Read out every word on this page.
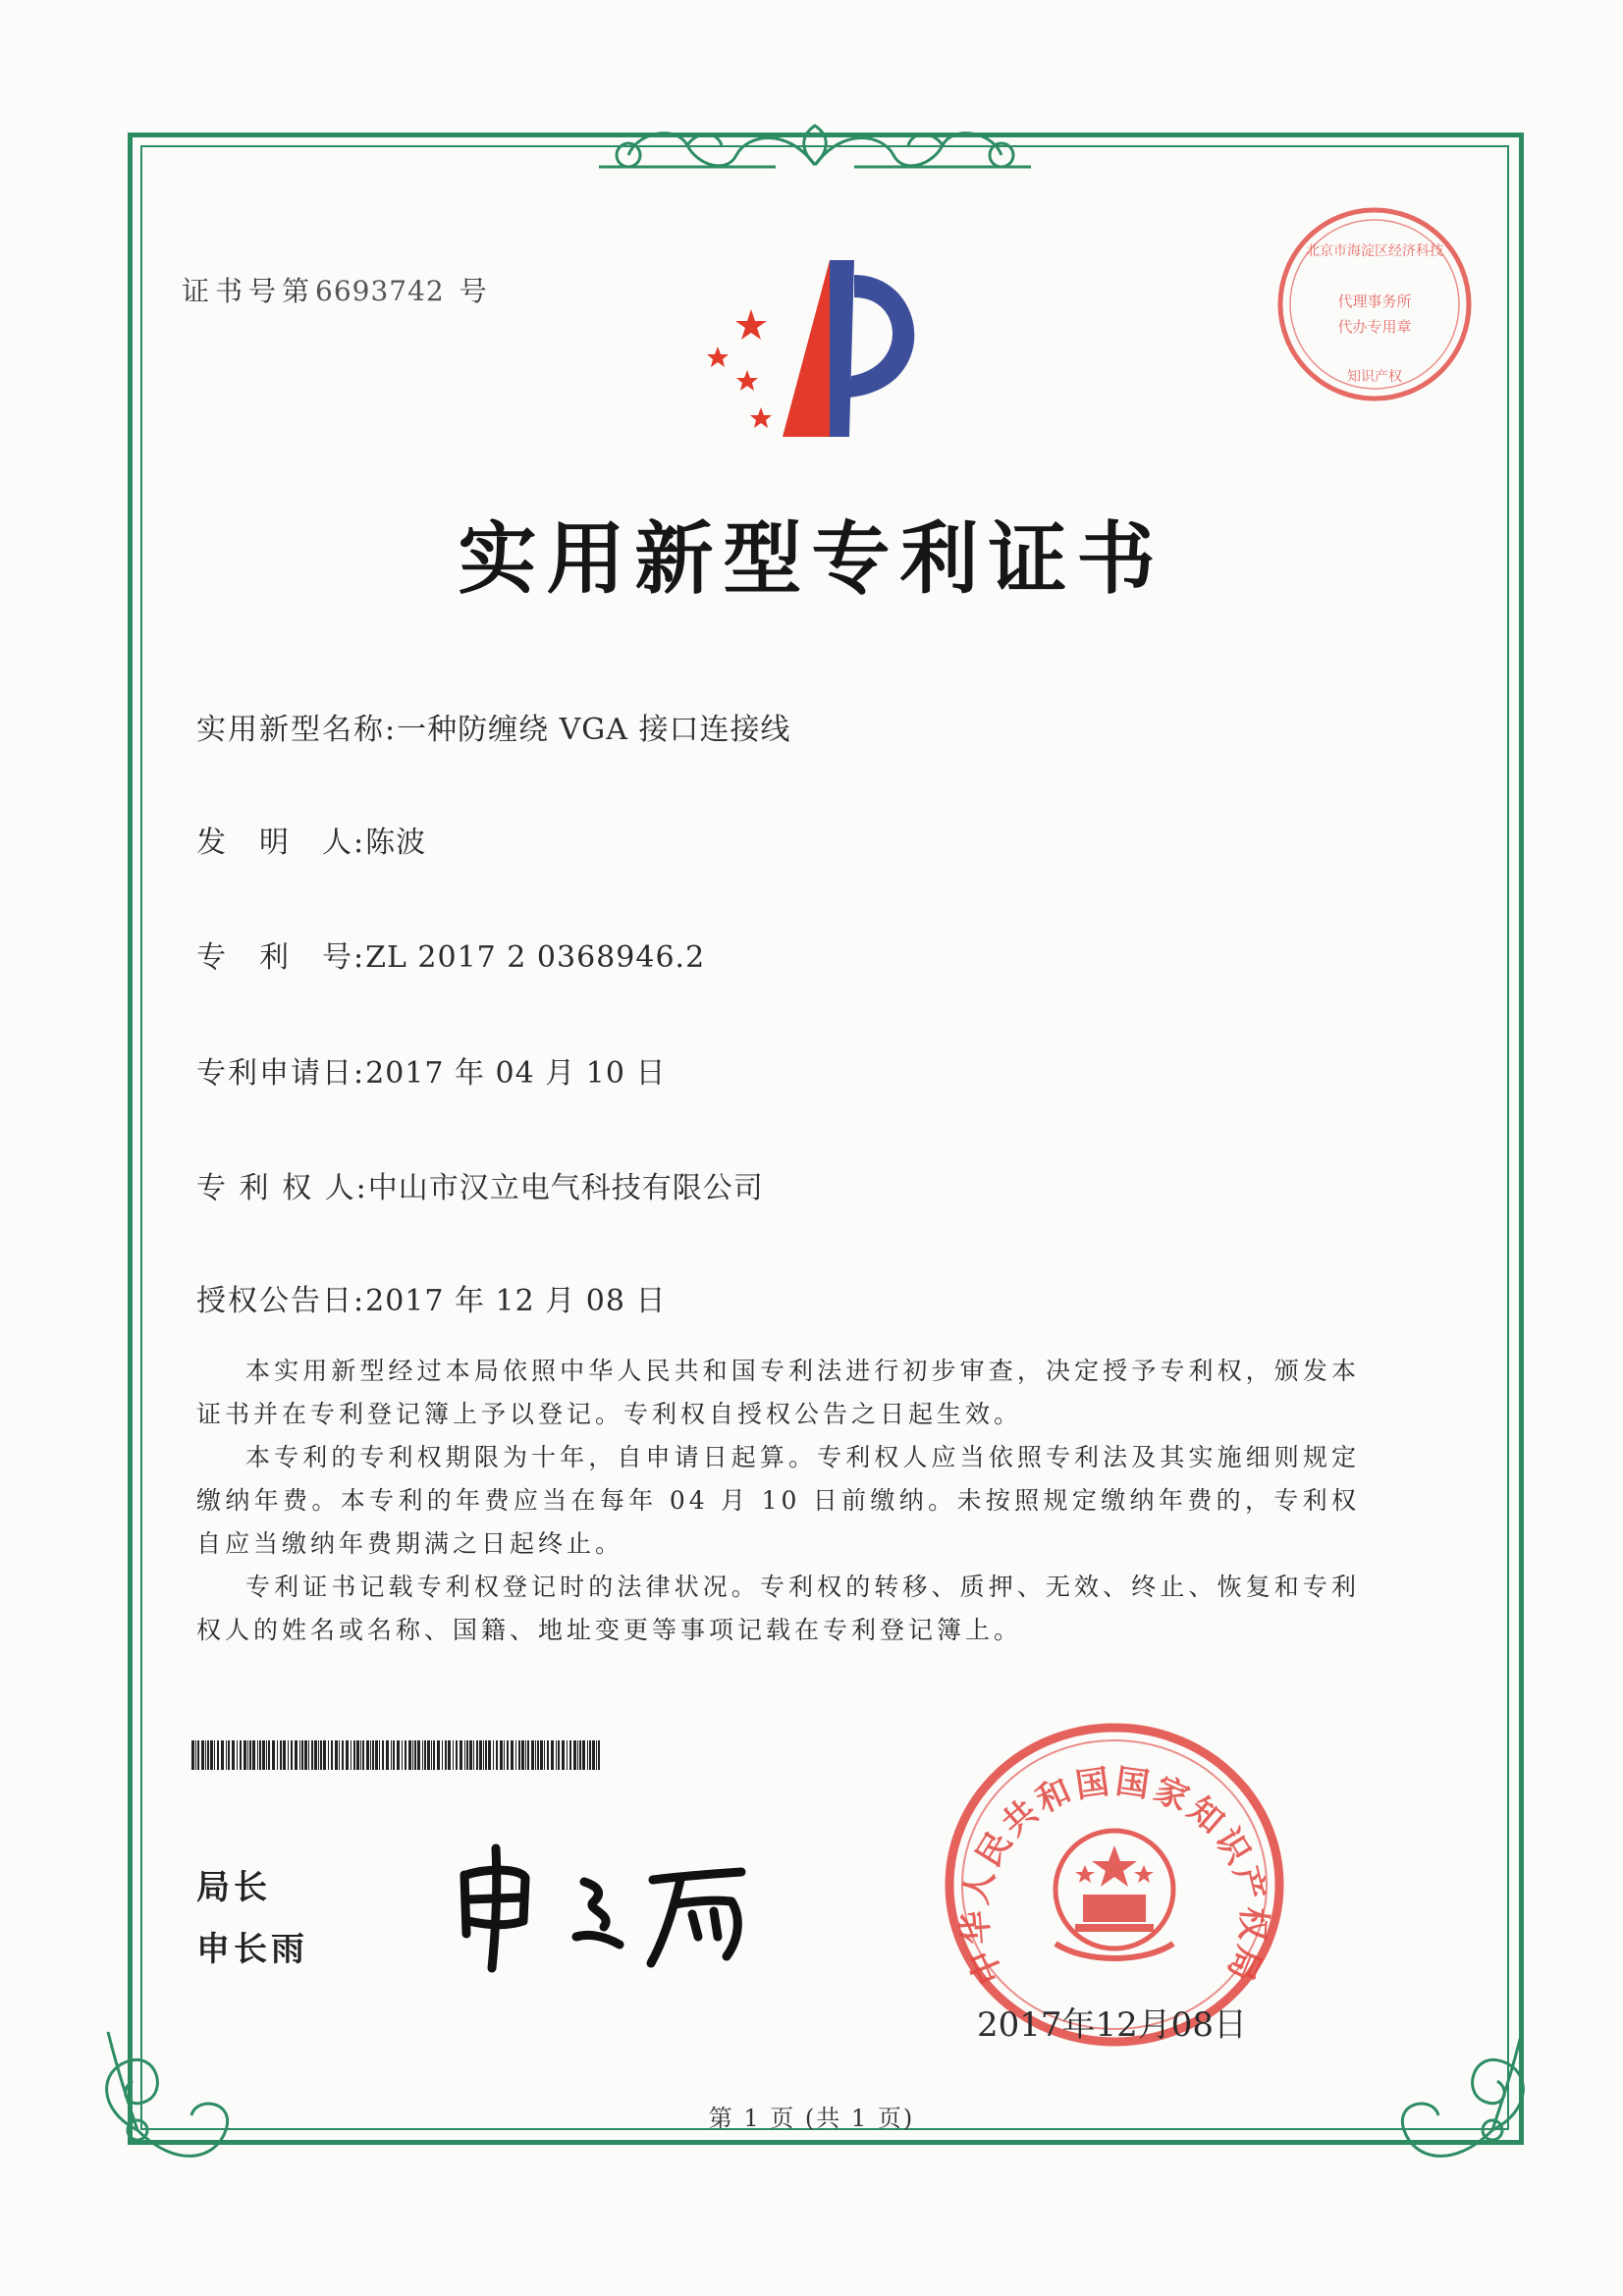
证书号第6693742 号
北京市海淀区经济科技
代理事务所
代办专用章
知识产权
实用新型专利证书
实用新型名称:一种防缠绕 VGA 接口连接线
发　明　人:陈波
专　利　号:ZL 2017 2 0368946.2
专利申请日:2017 年 04 月 10 日
专 利 权 人:中山市汉立电气科技有限公司
授权公告日:2017 年 12 月 08 日

本实用新型经过本局依照中华人民共和国专利法进行初步审查，决定授予专利权，颁发本证书并在专利登记簿上予以登记。专利权自授权公告之日起生效。

本专利的专利权期限为十年，自申请日起算。专利权人应当依照专利法及其实施细则规定缴纳年费。本专利的年费应当在每年 04 月 10 日前缴纳。未按照规定缴纳年费的，专利权自应当缴纳年费期满之日起终止。

专利证书记载专利权登记时的法律状况。专利权的转移、质押、无效、终止、恢复和专利权人的姓名或名称、国籍、地址变更等事项记载在专利登记簿上。

局长
申长雨	中华人民共和国国家知识产权局
2017年12月08日
第 1 页 (共 1 页)
